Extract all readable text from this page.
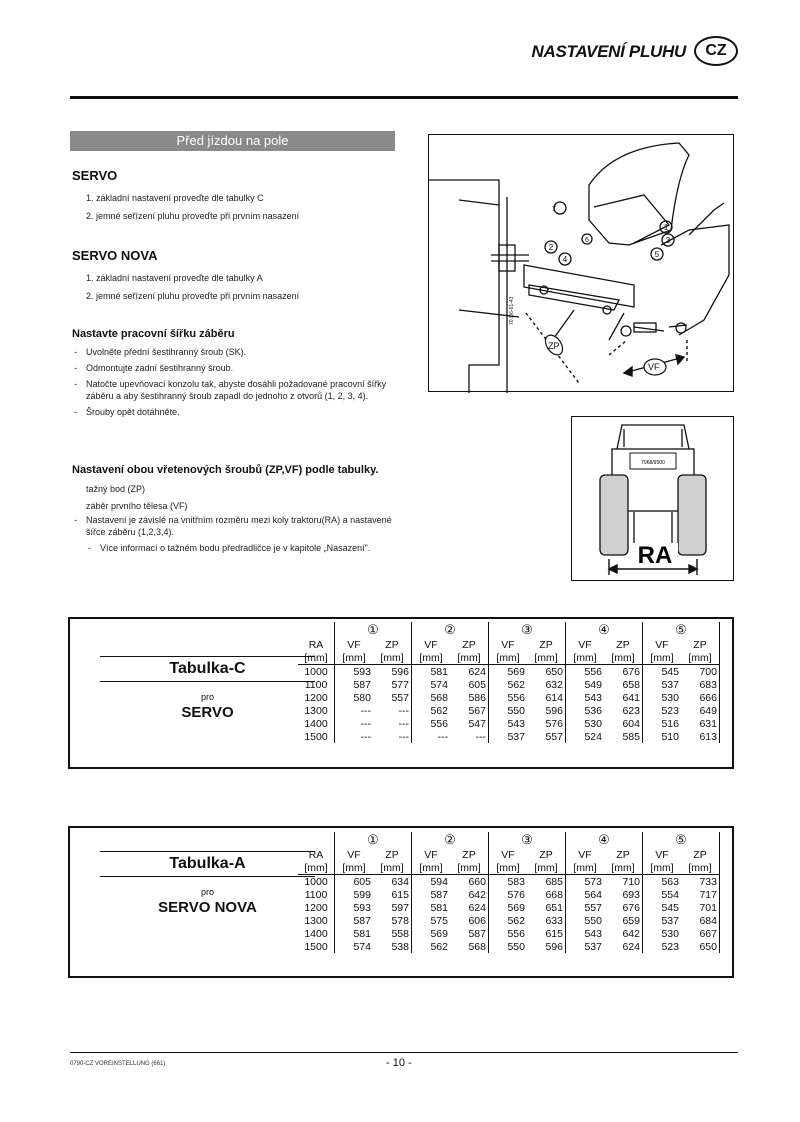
NASTAVENÍ PLUHU	CZ
Před jízdou na pole
SERVO
1. základní nastavení proveďte dle tabulky C
2. jemné seřízení pluhu proveďte při prvním nasazení
SERVO NOVA
1. základní nastavení proveďte dle tabulky A
2. jemné seřízení pluhu proveďte při prvním nasazení
Nastavte pracovní šířku záběru
- Uvolněte přední šestihranný šroub (SK).
- Odmontujte zadní šestihranný šroub.
- Natočte upevňovací konzolu tak, abyste dosáhli požadované pracovní šířky záběru a aby šestihranný šroub zapadl do jednoho z otvorů (1, 2, 3, 4).
- Šrouby opět dotáhněte.
Nastavení obou vřetenových šroubů (ZP,VF) podle tabulky.
tažný bod (ZP)
záběr prvního tělesa (VF)
- Nastavení je závislé na vnitřním rozměru mezi koly traktoru(RA) a nastavené šířce záběru (1,2,3,4).
- Více informací o tažném bodu předradličce je v kapitole „Nasazení".
ZP
VF
7
1
3
2
4
5
6
70.9/6-61-43
7068/9500
RA
Tabulka-C
pro
SERVO
	①		②		③		④		⑤	
RA	VF	ZP	VF	ZP	VF	ZP	VF	ZP	VF	ZP
[mm]	[mm]	[mm]	[mm]	[mm]	[mm]	[mm]	[mm]	[mm]	[mm]	[mm]
1000	593	596	581	624	569	650	556	676	545	700
1100	587	577	574	605	562	632	549	658	537	683
1200	580	557	568	586	556	614	543	641	530	666
1300	---	---	562	567	550	596	536	623	523	649
1400	---	---	556	547	543	576	530	604	516	631
1500	---	---	---	---	537	557	524	585	510	613
Tabulka-A
pro
SERVO NOVA
	①		②		③		④		⑤	
RA	VF	ZP	VF	ZP	VF	ZP	VF	ZP	VF	ZP
[mm]	[mm]	[mm]	[mm]	[mm]	[mm]	[mm]	[mm]	[mm]	[mm]	[mm]
1000	605	634	594	660	583	685	573	710	563	733
1100	599	615	587	642	576	668	564	693	554	717
1200	593	597	581	624	569	651	557	676	545	701
1300	587	578	575	606	562	633	550	659	537	684
1400	581	558	569	587	556	615	543	642	530	667
1500	574	538	562	568	550	596	537	624	523	650
0790-CZ VOREINSTELLUNG (661)	- 10 -
